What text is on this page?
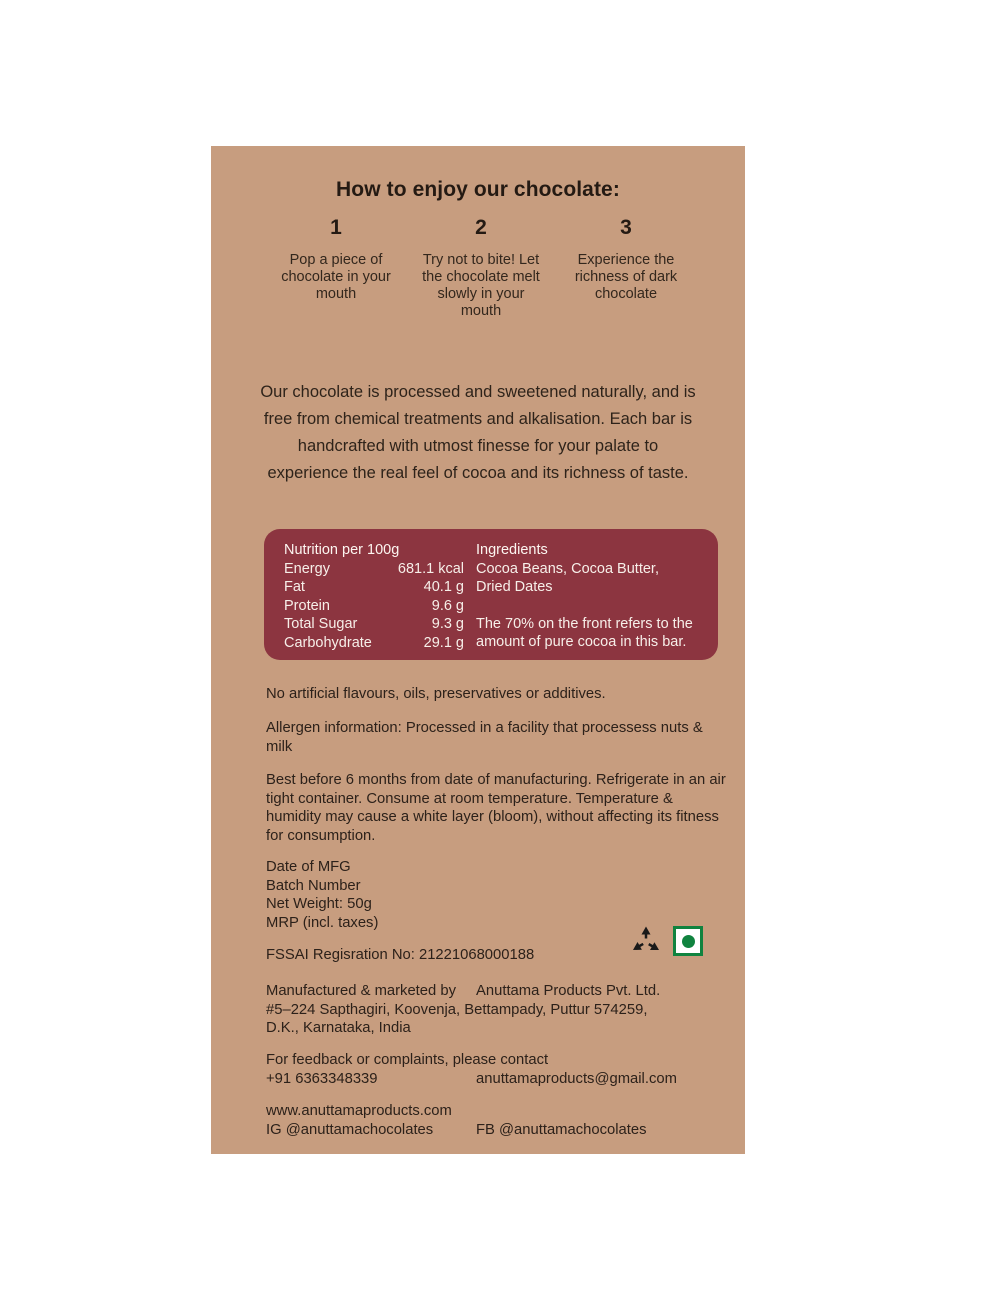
How to enjoy our chocolate:
1
Pop a piece of chocolate in your mouth
2
Try not to bite! Let the chocolate melt slowly in your mouth
3
Experience the richness of dark chocolate
Our chocolate is processed and sweetened naturally, and is free from chemical treatments and alkalisation. Each bar is handcrafted with utmost finesse for your palate to experience the real feel of cocoa and its richness of taste.
Nutrition per 100g
Energy	681.1 kcal
Fat	40.1 g
Protein	9.6 g
Total Sugar	9.3 g
Carbohydrate	29.1 g
Ingredients
Cocoa Beans, Cocoa Butter,
Dried Dates
The 70% on the front refers to the
amount of pure cocoa in this bar.
No artificial flavours, oils, preservatives or additives.
Allergen information: Processed in a facility that processess nuts & milk
Best before 6 months from date of manufacturing. Refrigerate in an air tight container. Consume at room temperature. Temperature & humidity may cause a white layer (bloom), without affecting its fitness for consumption.
Date of MFG
Batch Number
Net Weight: 50g
MRP (incl. taxes)
FSSAI Regisration No: 21221068000188
Manufactured & marketed by	Anuttama Products Pvt. Ltd.
#5–224 Sapthagiri, Koovenja, Bettampady, Puttur 574259,
D.K., Karnataka, India
For feedback or complaints, please contact
+91 6363348339	anuttamaproducts@gmail.com
www.anuttamaproducts.com
IG @anuttamachocolates	FB @anuttamachocolates
